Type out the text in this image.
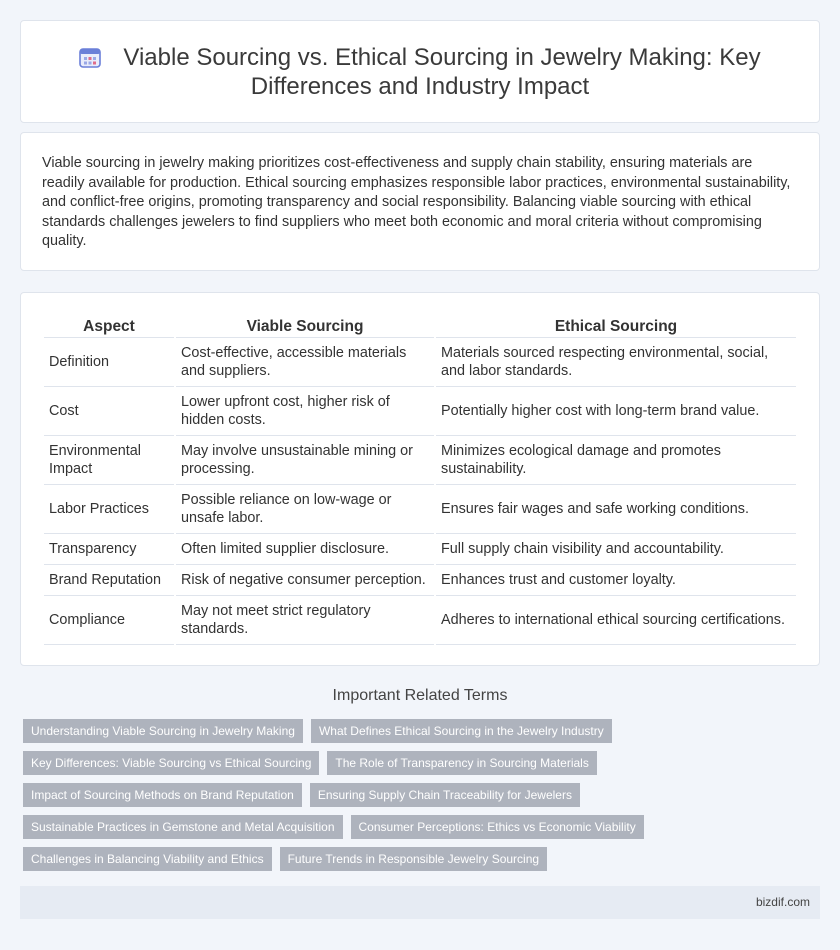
Viable Sourcing vs. Ethical Sourcing in Jewelry Making: Key Differences and Industry Impact

Viable sourcing in jewelry making prioritizes cost-effectiveness and supply chain stability, ensuring materials are readily available for production. Ethical sourcing emphasizes responsible labor practices, environmental sustainability, and conflict-free origins, promoting transparency and social responsibility. Balancing viable sourcing with ethical standards challenges jewelers to find suppliers who meet both economic and moral criteria without compromising quality.

Aspect	Viable Sourcing	Ethical Sourcing
Definition	Cost-effective, accessible materials and suppliers.	Materials sourced respecting environmental, social, and labor standards.
Cost	Lower upfront cost, higher risk of hidden costs.	Potentially higher cost with long-term brand value.
Environmental Impact	May involve unsustainable mining or processing.	Minimizes ecological damage and promotes sustainability.
Labor Practices	Possible reliance on low-wage or unsafe labor.	Ensures fair wages and safe working conditions.
Transparency	Often limited supplier disclosure.	Full supply chain visibility and accountability.
Brand Reputation	Risk of negative consumer perception.	Enhances trust and customer loyalty.
Compliance	May not meet strict regulatory standards.	Adheres to international ethical sourcing certifications.
Important Related Terms
Understanding Viable Sourcing in Jewelry Making	What Defines Ethical Sourcing in the Jewelry Industry
Key Differences: Viable Sourcing vs Ethical Sourcing	The Role of Transparency in Sourcing Materials
Impact of Sourcing Methods on Brand Reputation	Ensuring Supply Chain Traceability for Jewelers
Sustainable Practices in Gemstone and Metal Acquisition	Consumer Perceptions: Ethics vs Economic Viability
Challenges in Balancing Viability and Ethics	Future Trends in Responsible Jewelry Sourcing
bizdif.com
